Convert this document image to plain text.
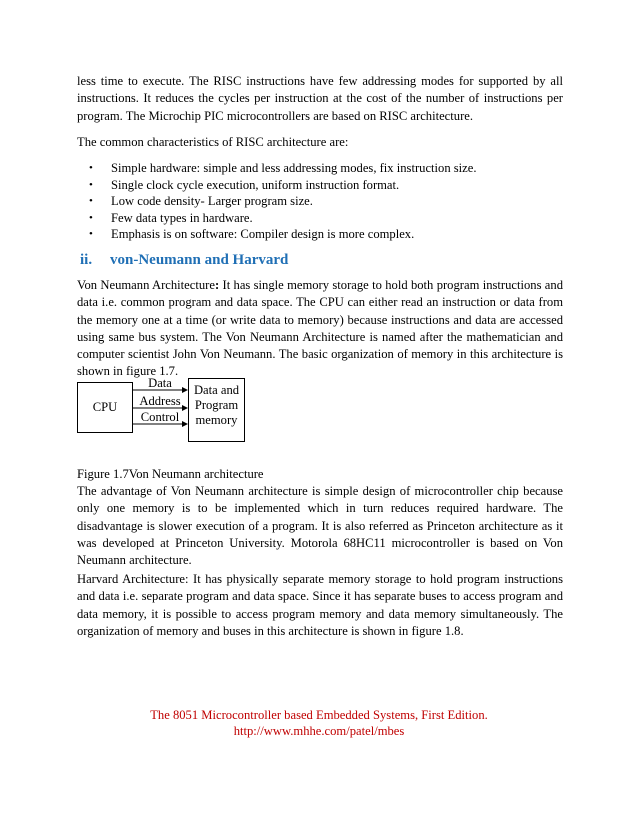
less time to execute. The RISC instructions have few addressing modes for supported by all instructions. It reduces the cycles per instruction at the cost of the number of instructions per program. The Microchip PIC microcontrollers are based on RISC architecture.

The common characteristics of RISC architecture are:

• Simple hardware: simple and less addressing modes, fix instruction size.
• Single clock cycle execution, uniform instruction format.
• Low code density- Larger program size.
• Few data types in hardware.
• Emphasis is on software: Compiler design is more complex.
ii. von-Neumann and Harvard

Von Neumann Architecture: It has single memory storage to hold both program instructions and data i.e. common program and data space. The CPU can either read an instruction or data from the memory one at a time (or write data to memory) because instructions and data are accessed using same bus system. The Von Neumann Architecture is named after the mathematician and computer scientist John Von Neumann. The basic organization of memory in this architecture is shown in figure 1.7.

CPU
Data and
Program
memory
Data
Address
Control

Figure 1.7Von Neumann architecture

The advantage of Von Neumann architecture is simple design of microcontroller chip because only one memory is to be implemented which in turn reduces required hardware. The disadvantage is slower execution of a program. It is also referred as Princeton architecture as it was developed at Princeton University. Motorola 68HC11 microcontroller is based on Von Neumann architecture.

Harvard Architecture: It has physically separate memory storage to hold program instructions and data i.e. separate program and data space. Since it has separate buses to access program and data memory, it is possible to access program memory and data memory simultaneously. The organization of memory and buses in this architecture is shown in figure 1.8.

The 8051 Microcontroller based Embedded Systems, First Edition.
http://www.mhhe.com/patel/mbes
